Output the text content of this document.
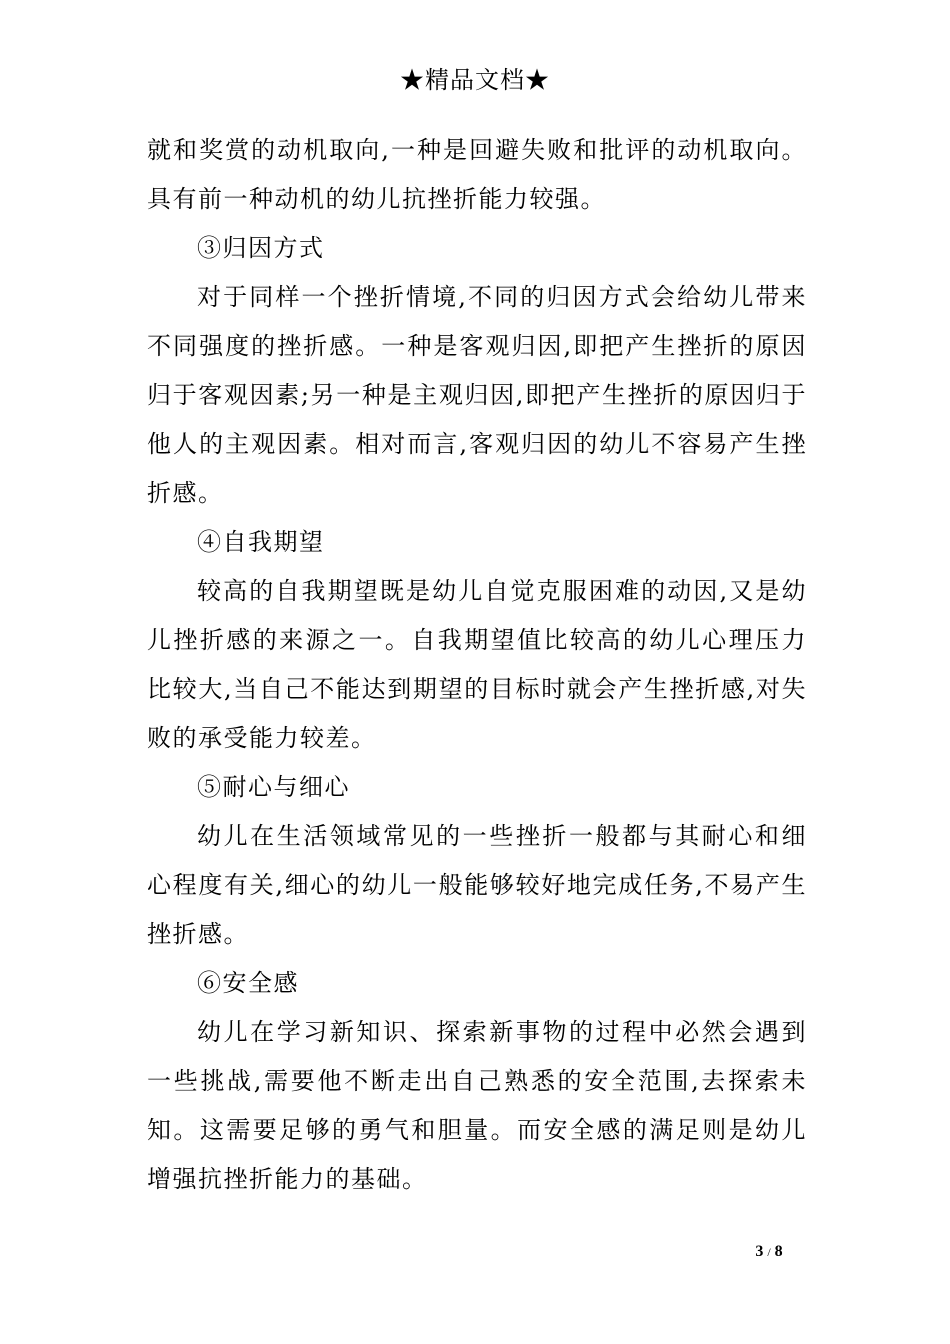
★精品文档★

就和奖赏的动机取向,一种是回避失败和批评的动机取向。具有前一种动机的幼儿抗挫折能力较强。

③归因方式

对于同样一个挫折情境,不同的归因方式会给幼儿带来不同强度的挫折感。一种是客观归因,即把产生挫折的原因归于客观因素;另一种是主观归因,即把产生挫折的原因归于他人的主观因素。相对而言,客观归因的幼儿不容易产生挫折感。

④自我期望

较高的自我期望既是幼儿自觉克服困难的动因,又是幼儿挫折感的来源之一。自我期望值比较高的幼儿心理压力比较大,当自己不能达到期望的目标时就会产生挫折感,对失败的承受能力较差。

⑤耐心与细心

幼儿在生活领域常见的一些挫折一般都与其耐心和细心程度有关,细心的幼儿一般能够较好地完成任务,不易产生挫折感。

⑥安全感

幼儿在学习新知识、探索新事物的过程中必然会遇到一些挑战,需要他不断走出自己熟悉的安全范围,去探索未知。这需要足够的勇气和胆量。而安全感的满足则是幼儿增强抗挫折能力的基础。

3 / 8
